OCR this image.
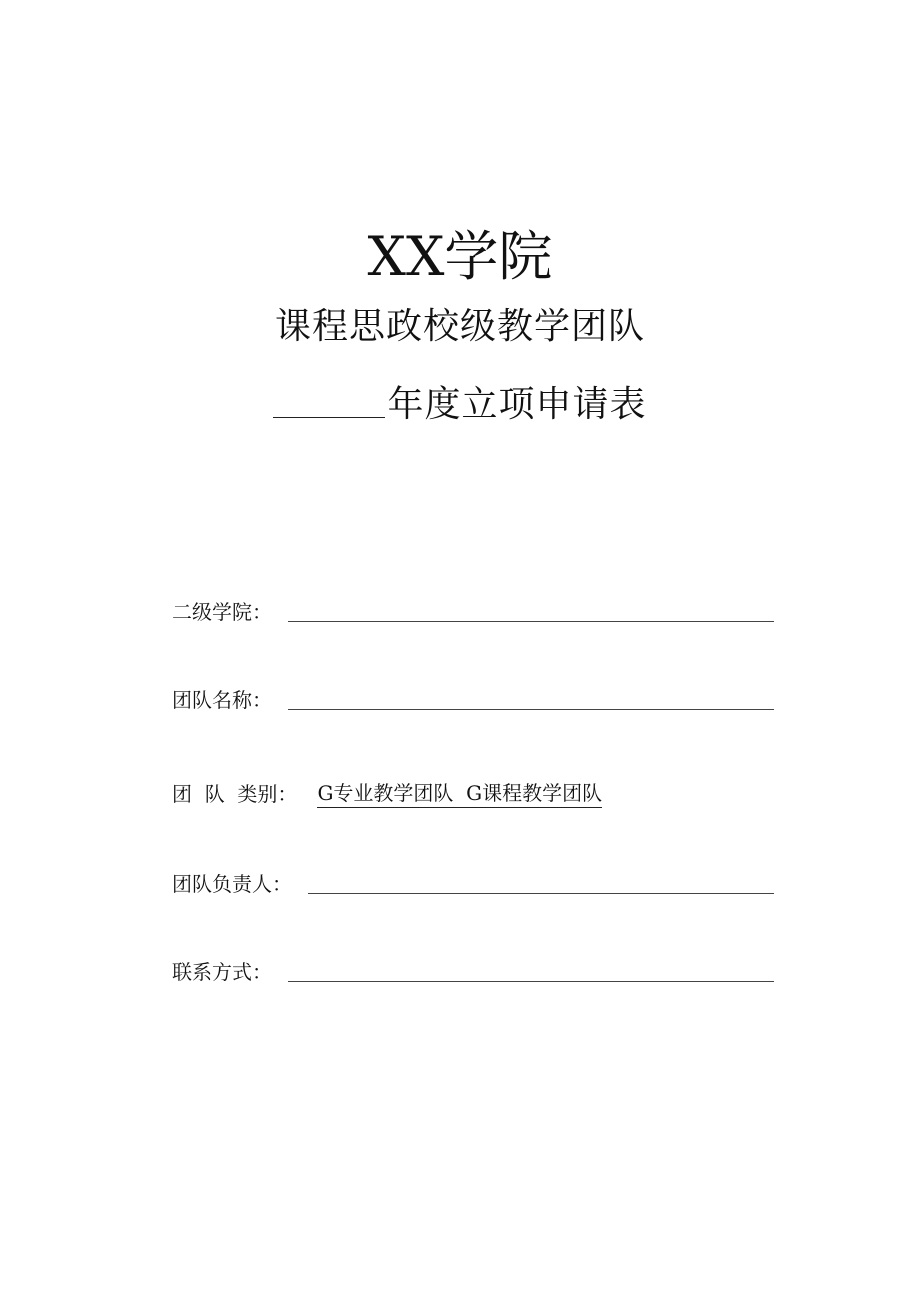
XX学院
课程思政校级教学团队
年度立项申请表
二级学院：
团队名称：
团  队  类别： G专业教学团队  G课程教学团队
团队负责人：
联系方式：
